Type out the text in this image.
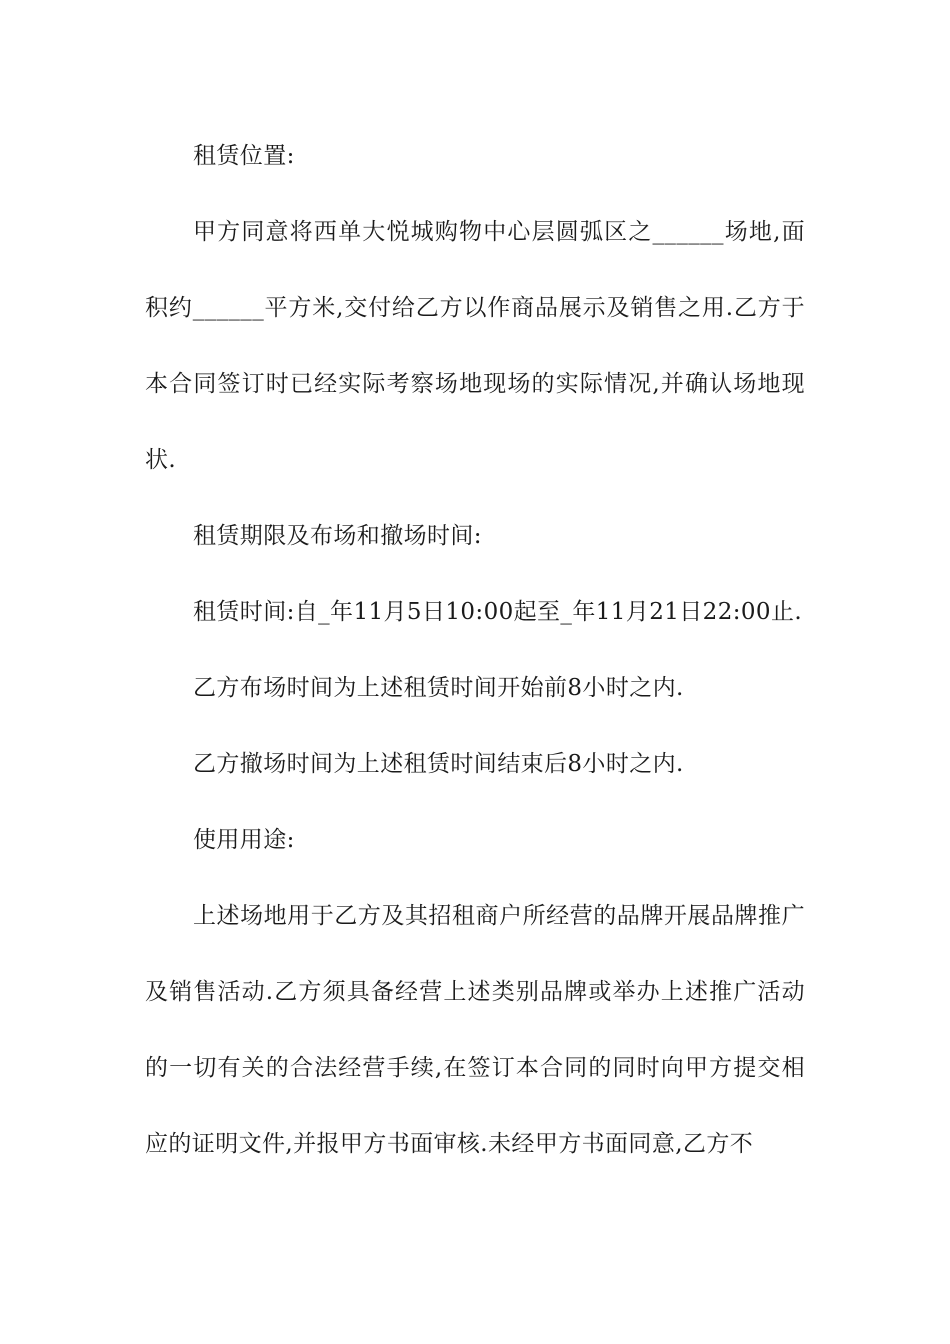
租赁位置:

甲方同意将西单大悦城购物中心层圆弧区之______场地,面积约______平方米,交付给乙方以作商品展示及销售之用.乙方于本合同签订时已经实际考察场地现场的实际情况,并确认场地现状.

租赁期限及布场和撤场时间:

租赁时间:自_年11月5日10:00起至_年11月21日22:00止.

乙方布场时间为上述租赁时间开始前8小时之内.

乙方撤场时间为上述租赁时间结束后8小时之内.

使用用途:

上述场地用于乙方及其招租商户所经营的品牌开展品牌推广及销售活动.乙方须具备经营上述类别品牌或举办上述推广活动的一切有关的合法经营手续,在签订本合同的同时向甲方提交相应的证明文件,并报甲方书面审核.未经甲方书面同意,乙方不
